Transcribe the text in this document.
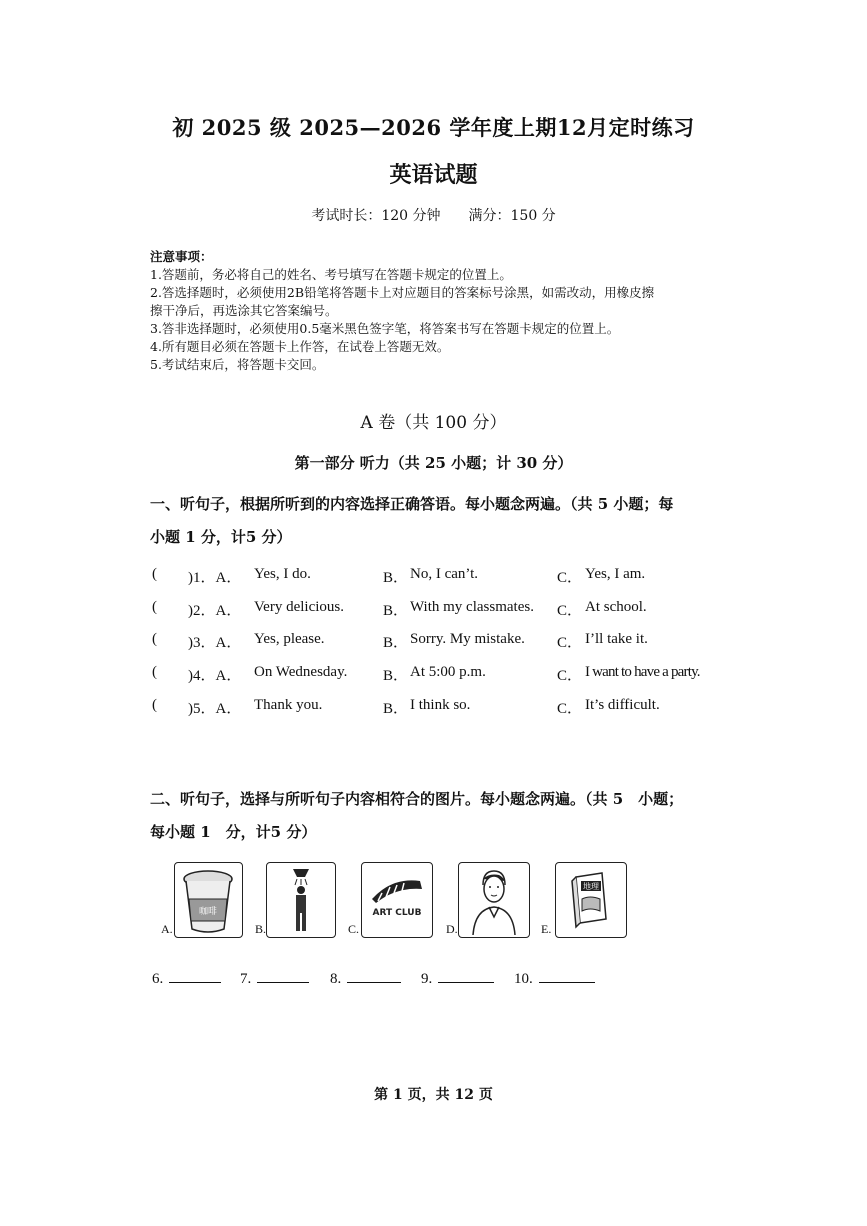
初 2025 级 2025—2026 学年度上期12月定时练习
英语试题
考试时长：120 分钟　　满分：150 分
注意事项：
1.答题前，务必将自己的姓名、考号填写在答题卡规定的位置上。
2.答选择题时，必须使用2B铅笔将答题卡上对应题目的答案标号涂黑，如需改动，用橡皮擦
擦干净后，再选涂其它答案编号。
3.答非选择题时，必须使用0.5毫米黑色签字笔，将答案书写在答题卡规定的位置上。
4.所有题目必须在答题卡上作答，在试卷上答题无效。
5.考试结束后，将答题卡交回。
A 卷（共 100 分）
第一部分 听力（共 25 小题；计 30 分）
一、听句子，根据所听到的内容选择正确答语。每小题念两遍。（共 5 小题；每
小题 1 分，计5 分）
( )1．A． Yes, I do.	B． No, I can’t.	C． Yes, I am.
( )2．A． Very delicious.	B． With my classmates. C． At school.
( )3．A． Yes, please.	B． Sorry. My mistake. C． I’ll take it.
( )4．A． On Wednesday. B． At 5:00 p.m.	C． I want to have a party.
( )5．A． Thank you.	B． I think so.	C． It’s difficult.
二、听句子，选择与所听句子内容相符合的图片。每小题念两遍。（共 5　小题；
每小题 1　分，计5 分）
A.
咖啡
B.	C.
ART CLUB
D.	E.
地理
6.	7.	8.	9.	10.
第 1 页，共 12 页
